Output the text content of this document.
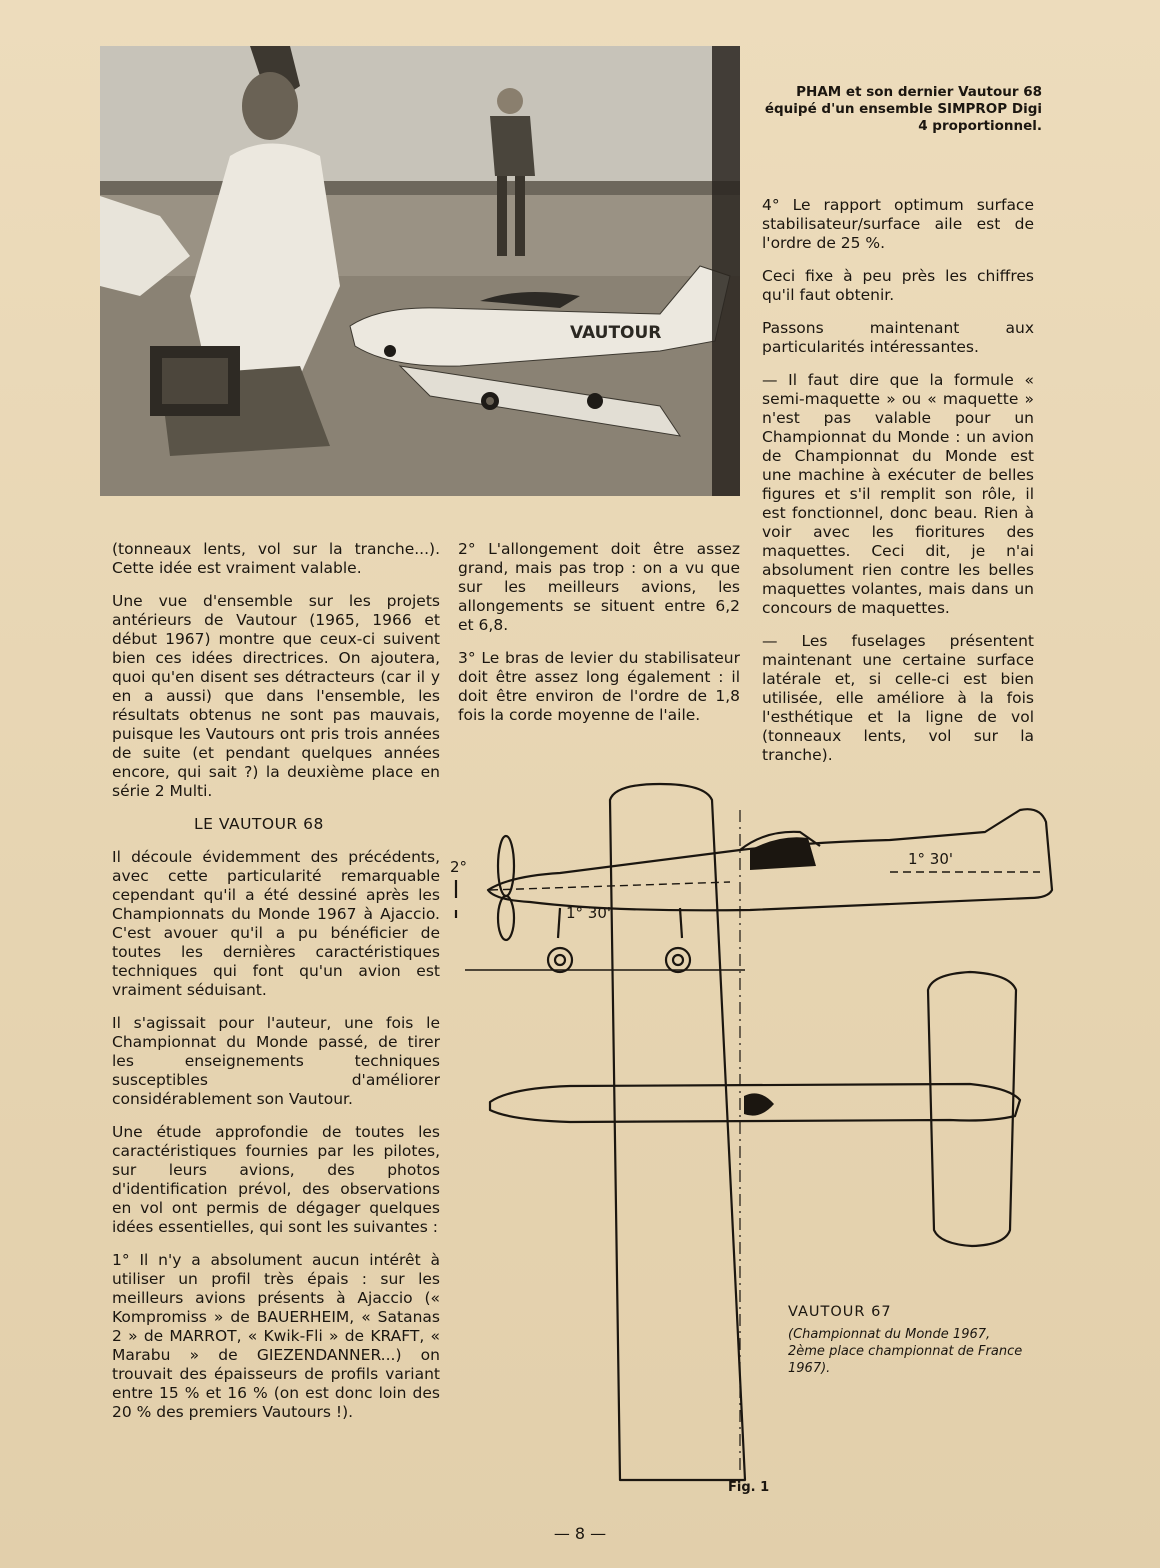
VAUTOUR
PHAM et son dernier Vautour 68 équipé d'un ensemble SIMPROP Digi 4 proportionnel.

(tonneaux lents, vol sur la tranche...). Cette idée est vraiment valable.

Une vue d'ensemble sur les projets antérieurs de Vautour (1965, 1966 et début 1967) montre que ceux-ci suivent bien ces idées directrices. On ajoutera, quoi qu'en disent ses détracteurs (car il y en a aussi) que dans l'ensemble, les résultats obtenus ne sont pas mauvais, puisque les Vautours ont pris trois années de suite (et pendant quelques années encore, qui sait ?) la deuxième place en série 2 Multi.

LE VAUTOUR 68

Il découle évidemment des précédents, avec cette particularité remarquable cependant qu'il a été dessiné après les Championnats du Monde 1967 à Ajaccio. C'est avouer qu'il a pu bénéficier de toutes les dernières caractéristiques techniques qui font qu'un avion est vraiment séduisant.

Il s'agissait pour l'auteur, une fois le Championnat du Monde passé, de tirer les enseignements techniques susceptibles d'améliorer considérablement son Vautour.

Une étude approfondie de toutes les caractéristiques fournies par les pilotes, sur leurs avions, des photos d'identification prévol, des observations en vol ont permis de dégager quelques idées essentielles, qui sont les suivantes :

1° Il n'y a absolument aucun intérêt à utiliser un profil très épais : sur les meilleurs avions présents à Ajaccio (« Kompromiss » de BAUERHEIM, « Satanas 2 » de MARROT, « Kwik-Fli » de KRAFT, « Marabu » de GIEZENDANNER...) on trouvait des épaisseurs de profils variant entre 15 % et 16 % (on est donc loin des 20 % des premiers Vautours !).

2° L'allongement doit être assez grand, mais pas trop : on a vu que sur les meilleurs avions, les allongements se situent entre 6,2 et 6,8.

3° Le bras de levier du stabilisateur doit être assez long également : il doit être environ de l'ordre de 1,8 fois la corde moyenne de l'aile.

4° Le rapport optimum surface stabilisateur/surface aile est de l'ordre de 25 %.

Ceci fixe à peu près les chiffres qu'il faut obtenir.

Passons maintenant aux particularités intéressantes.

— Il faut dire que la formule « semi-maquette » ou « maquette » n'est pas valable pour un Championnat du Monde : un avion de Championnat du Monde est une machine à exécuter de belles figures et s'il remplit son rôle, il est fonctionnel, donc beau. Rien à voir avec les fioritures des maquettes. Ceci dit, je n'ai absolument rien contre les belles maquettes volantes, mais dans un concours de maquettes.

— Les fuselages présentent maintenant une certaine surface latérale et, si celle-ci est bien utilisée, elle améliore à la fois l'esthétique et la ligne de vol (tonneaux lents, vol sur la tranche).

2°
1° 30'
1° 30'
VAUTOUR 67
(Championnat du Monde 1967, 2ème place championnat de France 1967).
Fig. 1
— 8 —
